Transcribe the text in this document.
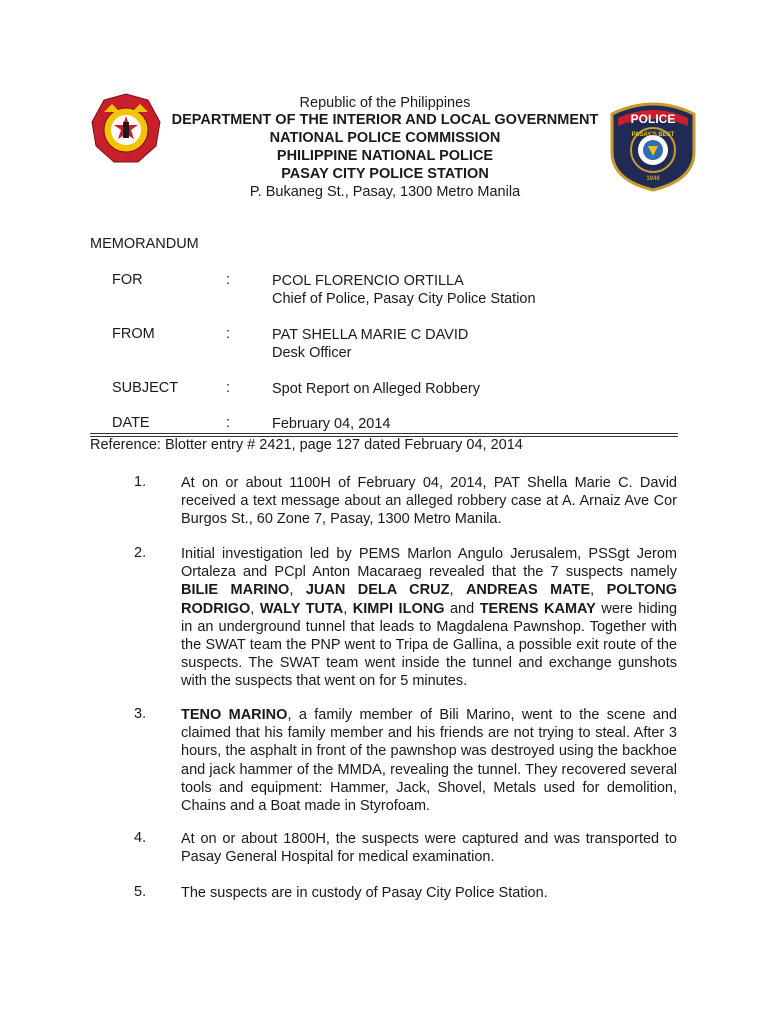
POLICE
PASAY'S BEST
1946
Republic of the Philippines
DEPARTMENT OF THE INTERIOR AND LOCAL GOVERNMENT
NATIONAL POLICE COMMISSION
PHILIPPINE NATIONAL POLICE
PASAY CITY POLICE STATION
P. Bukaneg St., Pasay, 1300 Metro Manila
MEMORANDUM
FOR	:	PCOL FLORENCIO ORTILLA
Chief of Police, Pasay City Police Station
FROM	:	PAT SHELLA MARIE C DAVID
Desk Officer
SUBJECT	:	Spot Report on Alleged Robbery
DATE	:	February 04, 2014
Reference: Blotter entry # 2421, page 127 dated February 04, 2014
1. At on or about 1100H of February 04, 2014, PAT Shella Marie C. David received a text message about an alleged robbery case at A. Arnaiz Ave Cor Burgos St., 60 Zone 7, Pasay, 1300 Metro Manila.
2. Initial investigation led by PEMS Marlon Angulo Jerusalem, PSSgt Jerom Ortaleza and PCpl Anton Macaraeg revealed that the 7 suspects namely BILIE MARINO, JUAN DELA CRUZ, ANDREAS MATE, POLTONG RODRIGO, WALY TUTA, KIMPI ILONG and TERENS KAMAY were hiding in an underground tunnel that leads to Magdalena Pawnshop. Together with the SWAT team the PNP went to Tripa de Gallina, a possible exit route of the suspects. The SWAT team went inside the tunnel and exchange gunshots with the suspects that went on for 5 minutes.
3. TENO MARINO, a family member of Bili Marino, went to the scene and claimed that his family member and his friends are not trying to steal. After 3 hours, the asphalt in front of the pawnshop was destroyed using the backhoe and jack hammer of the MMDA, revealing the tunnel. They recovered several tools and equipment: Hammer, Jack, Shovel, Metals used for demolition, Chains and a Boat made in Styrofoam.
4. At on or about 1800H, the suspects were captured and was transported to Pasay General Hospital for medical examination.
5. The suspects are in custody of Pasay City Police Station.
